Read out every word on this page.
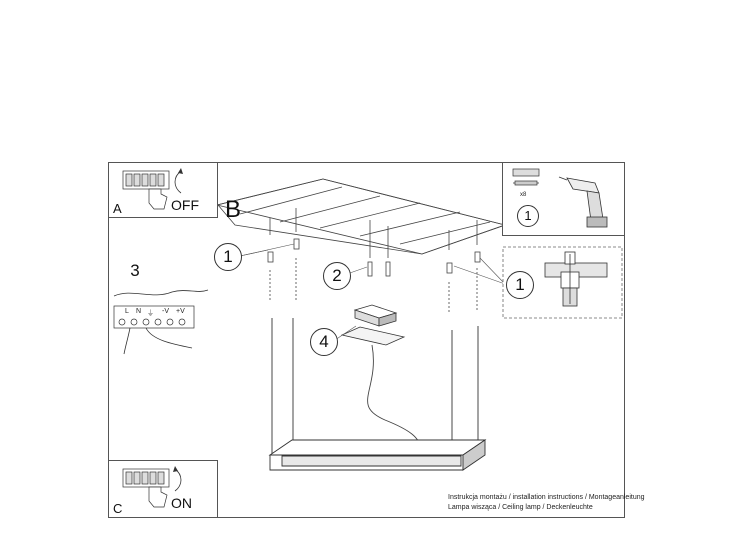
A	OFF
C	ON
x8
1
3
L N ⏚ -V +V
B
1
2
4
1
Instrukcja montażu / installation instructions / Montageanleitung
Lampa wisząca / Ceiling lamp / Deckenleuchte
